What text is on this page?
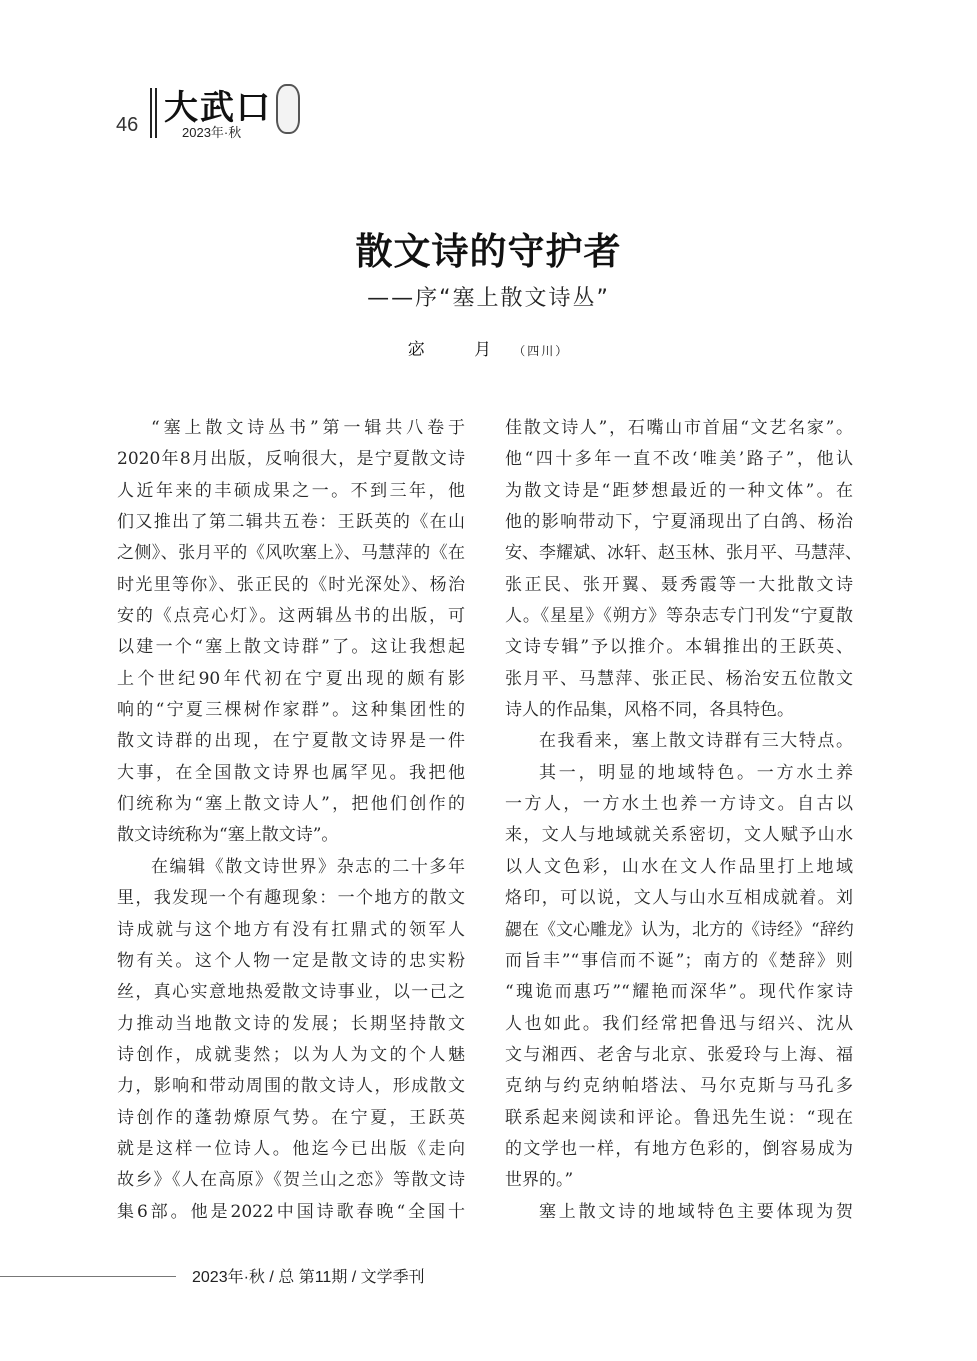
46 大武口
2023年·秋
散文诗的守护者
——序“塞上散文诗丛”
宓 月（四川）
“塞上散文诗丛书”第一辑共八卷于
2020年8月出版，反响很大，是宁夏散文诗
人近年来的丰硕成果之一。不到三年，他
们又推出了第二辑共五卷：王跃英的《在山
之侧》、张月平的《风吹塞上》、马慧萍的《在
时光里等你》、张正民的《时光深处》、杨治
安的《点亮心灯》。这两辑丛书的出版，可
以建一个“塞上散文诗群”了。这让我想起
上个世纪90年代初在宁夏出现的颇有影
响的“宁夏三棵树作家群”。这种集团性的
散文诗群的出现，在宁夏散文诗界是一件
大事，在全国散文诗界也属罕见。我把他
们统称为“塞上散文诗人”，把他们创作的
散文诗统称为“塞上散文诗”。
在编辑《散文诗世界》杂志的二十多年
里，我发现一个有趣现象：一个地方的散文
诗成就与这个地方有没有扛鼎式的领军人
物有关。这个人物一定是散文诗的忠实粉
丝，真心实意地热爱散文诗事业，以一己之
力推动当地散文诗的发展；长期坚持散文
诗创作，成就斐然；以为人为文的个人魅
力，影响和带动周围的散文诗人，形成散文
诗创作的蓬勃燎原气势。在宁夏，王跃英
就是这样一位诗人。他迄今已出版《走向
故乡》《人在高原》《贺兰山之恋》等散文诗
集6部。他是2022中国诗歌春晚“全国十
佳散文诗人”，石嘴山市首届“文艺名家”。
他“四十多年一直不改‘唯美’路子”，他认
为散文诗是“距梦想最近的一种文体”。在
他的影响带动下，宁夏涌现出了白鸽、杨治
安、李耀斌、冰轩、赵玉林、张月平、马慧萍、
张正民、张开翼、聂秀霞等一大批散文诗
人。《星星》《朔方》等杂志专门刊发“宁夏散
文诗专辑”予以推介。本辑推出的王跃英、
张月平、马慧萍、张正民、杨治安五位散文
诗人的作品集，风格不同，各具特色。
在我看来，塞上散文诗群有三大特点。
其一，明显的地域特色。一方水土养
一方人，一方水土也养一方诗文。自古以
来，文人与地域就关系密切，文人赋予山水
以人文色彩，山水在文人作品里打上地域
烙印，可以说，文人与山水互相成就着。刘
勰在《文心雕龙》认为，北方的《诗经》“辞约
而旨丰”“事信而不诞”；南方的《楚辞》则
“瑰诡而惠巧”“耀艳而深华”。现代作家诗
人也如此。我们经常把鲁迅与绍兴、沈从
文与湘西、老舍与北京、张爱玲与上海、福
克纳与约克纳帕塔法、马尔克斯与马孔多
联系起来阅读和评论。鲁迅先生说：“现在
的文学也一样，有地方色彩的，倒容易成为
世界的。”
塞上散文诗的地域特色主要体现为贺
2023年·秋 / 总 第11期 / 文学季刊
